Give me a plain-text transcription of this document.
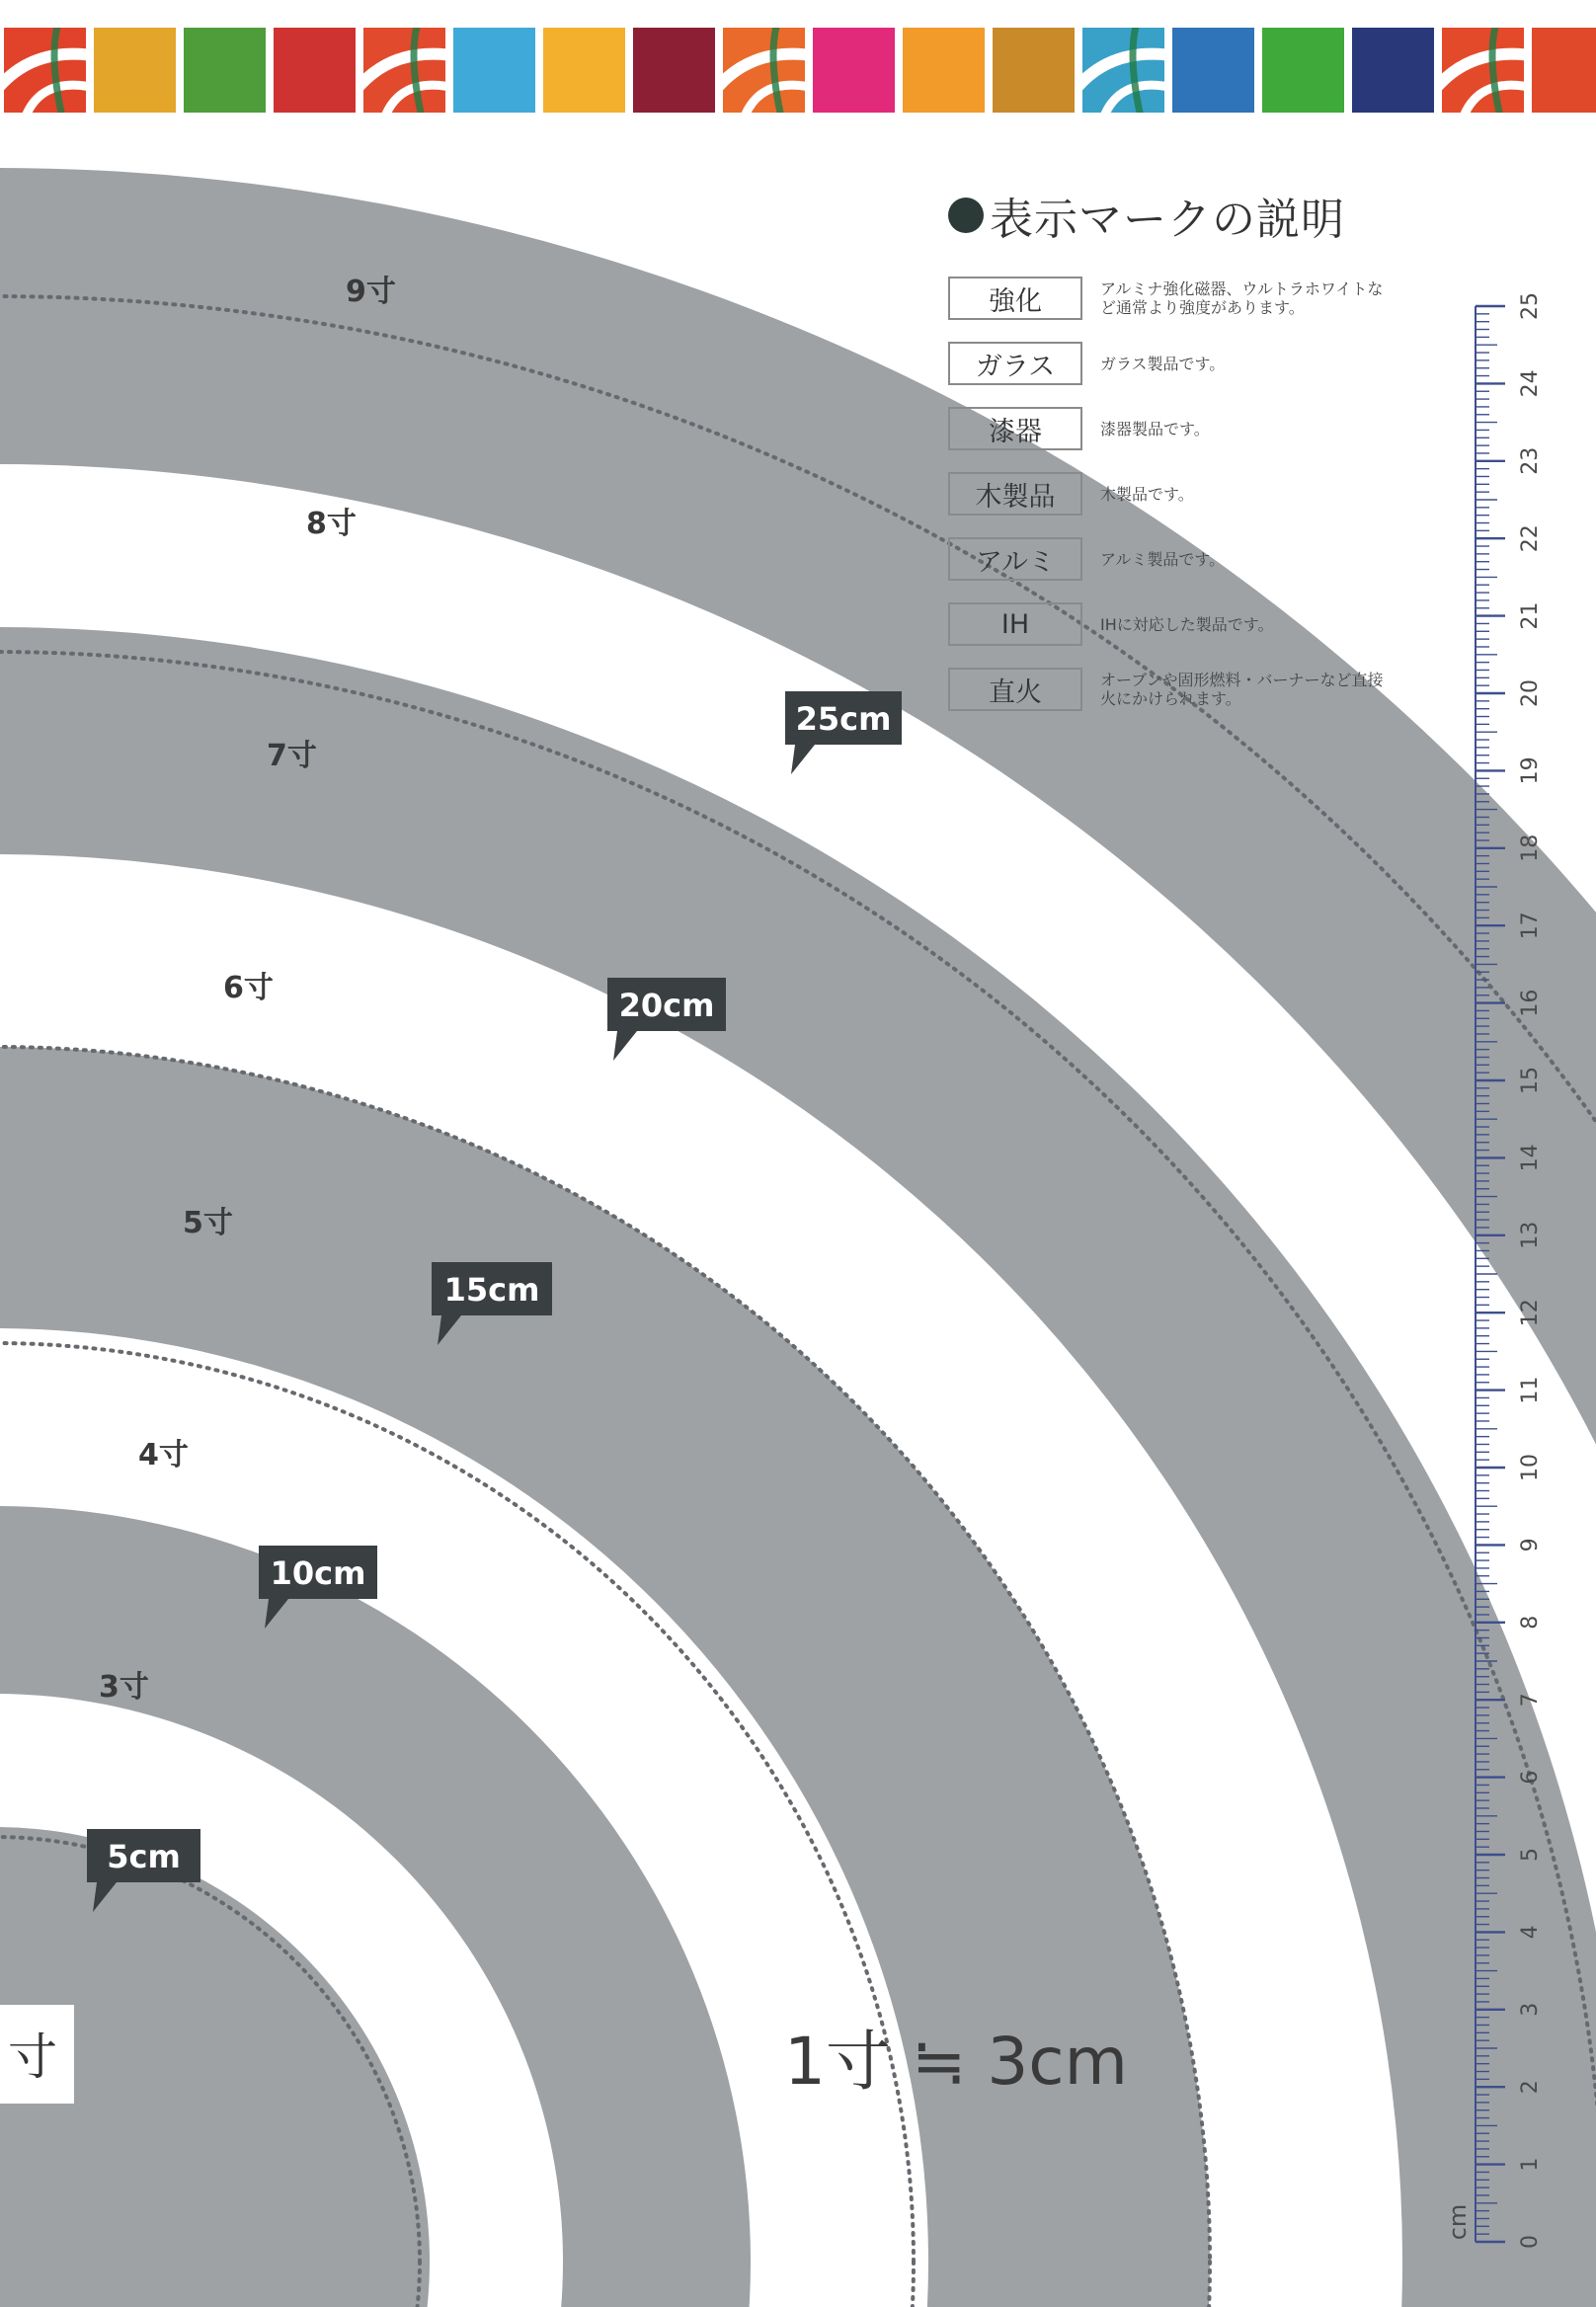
寸
3寸
4寸
5寸
6寸
7寸
8寸
9寸
5cm
10cm
15cm
20cm
25cm
0
1
2
3
4
5
6
7
8
9
10
11
12
13
14
15
16
17
18
19
20
21
22
23
24
25
cm
表示マークの説明
強化	アルミナ強化磁器、ウルトラホワイトなど通常より強度があります。
ガラス	ガラス製品です。
漆器	漆器製品です。
木製品	木製品です。
アルミ	アルミ製品です。
IH	IHに対応した製品です。
直火	オーブンや固形燃料・バーナーなど直接火にかけられます。
1寸 ≒ 3cm
